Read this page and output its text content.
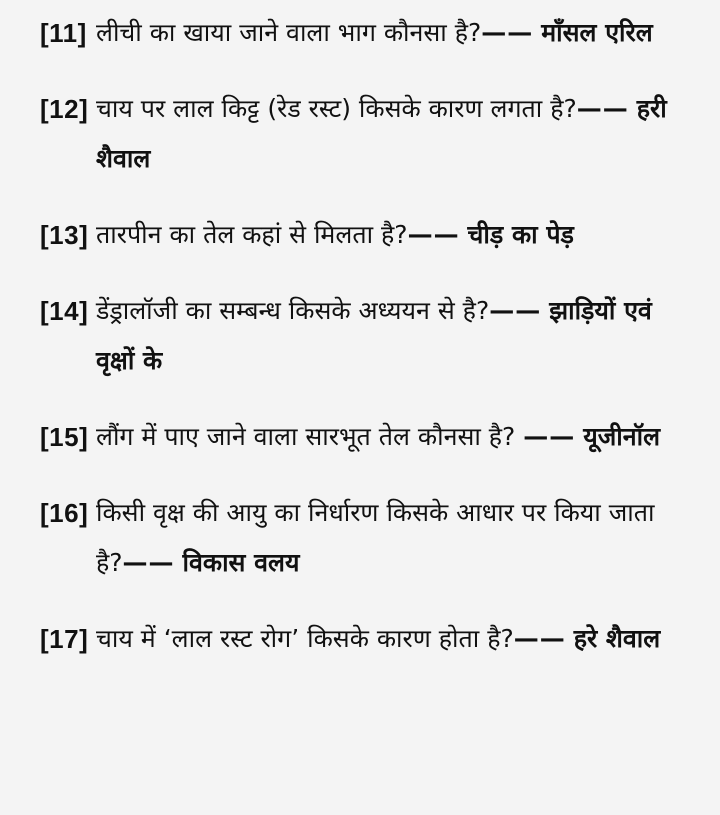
[11] लीची का खाया जाने वाला भाग कौनसा है?—— माँसल एरिल
[12] चाय पर लाल किट्ट (रेड रस्ट) किसके कारण लगता है?—— हरी शैवाल
[13] तारपीन का तेल कहां से मिलता है?—— चीड़ का पेड़
[14] डेंड्रालॉजी का सम्बन्ध किसके अध्ययन से है?—— झाड़ियों एवं वृक्षों के
[15] लौंग में पाए जाने वाला सारभूत तेल कौनसा है? —— यूजीनॉल
[16] किसी वृक्ष की आयु का निर्धारण किसके आधार पर किया जाता है?—— विकास वलय
[17] चाय में ‘लाल रस्ट रोग’ किसके कारण होता है?—— हरे शैवाल
